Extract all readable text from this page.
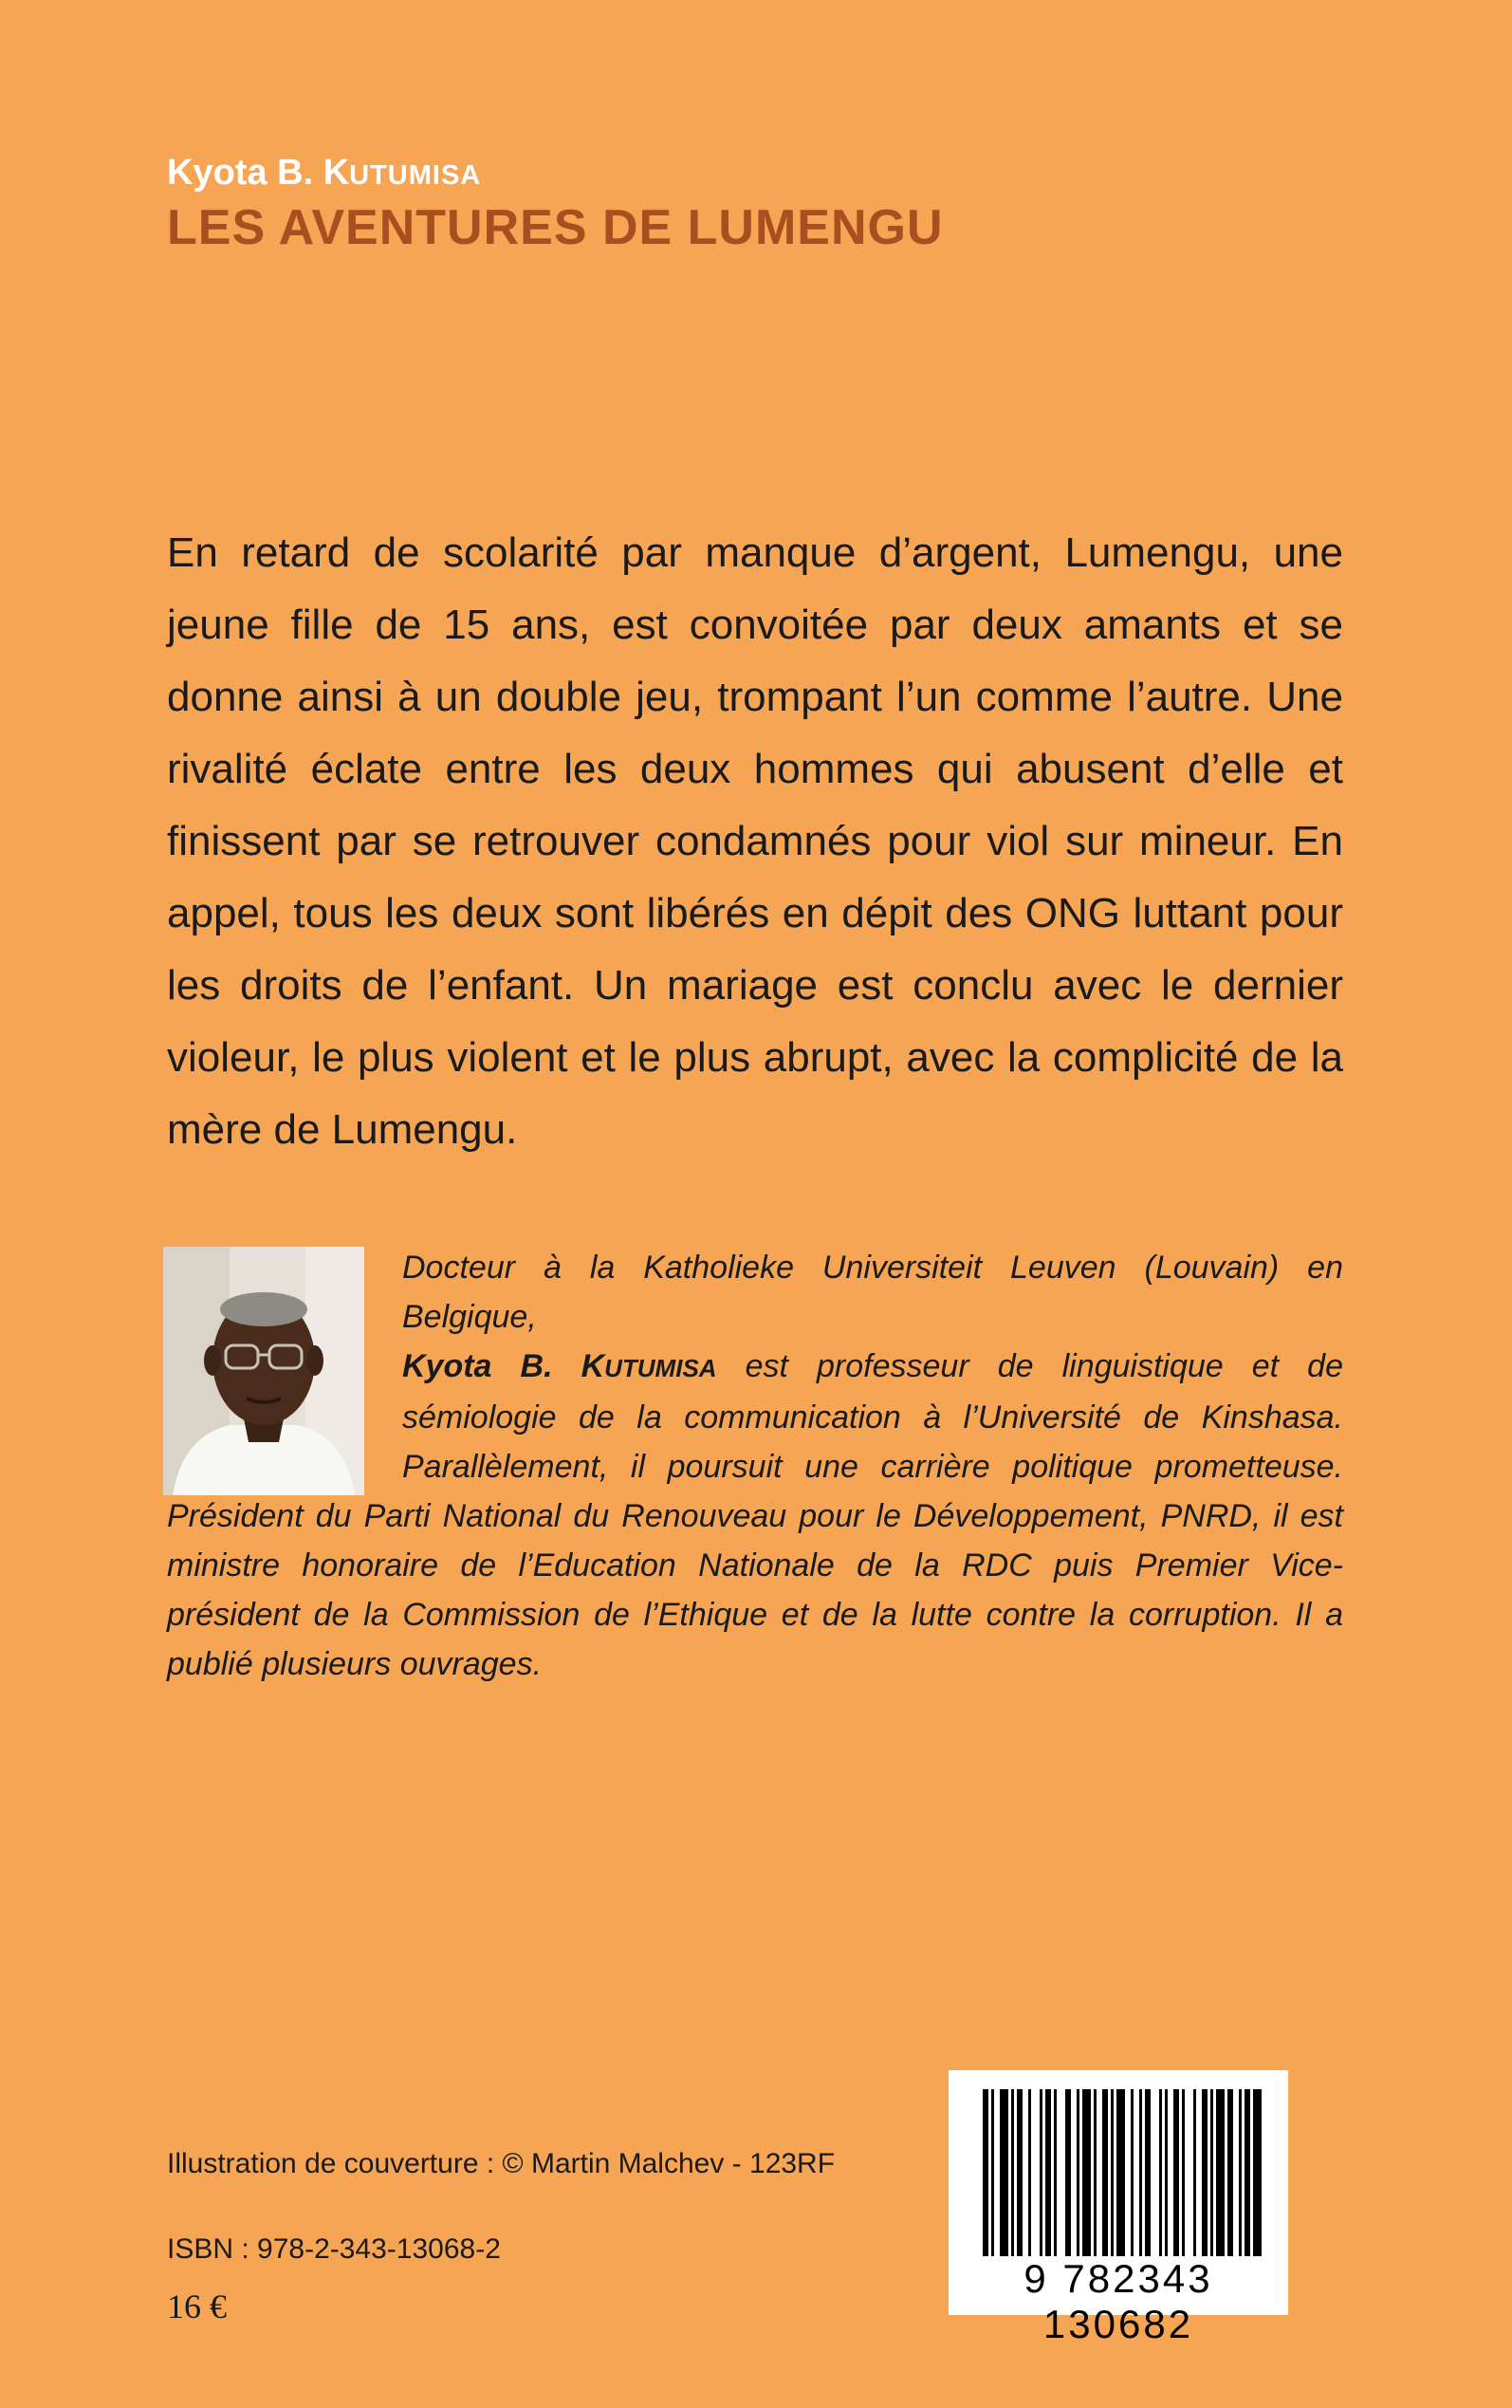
Kyota B. KUTUMISA
LES AVENTURES DE LUMENGU

En retard de scolarité par manque d’argent, Lumengu, une jeune fille de 15 ans, est convoitée par deux amants et se donne ainsi à un double jeu, trompant l’un comme l’autre. Une rivalité éclate entre les deux hommes qui abusent d’elle et finissent par se retrouver condamnés pour viol sur mineur. En appel, tous les deux sont libérés en dépit des ONG luttant pour les droits de l’enfant. Un mariage est conclu avec le dernier violeur, le plus violent et le plus abrupt, avec la complicité de la mère de Lumengu.

Docteur à la Katholieke Universiteit Leuven (Louvain) en Belgique,
Kyota B. KUTUMISA est professeur de linguistique et de sémiologie de la communication à l’Université de Kinshasa. Parallèlement, il poursuit une carrière politique prometteuse. Président du Parti National du Renouveau pour le Développement, PNRD, il est ministre honoraire de l’Education Nationale de la RDC puis Premier Vice-président de la Commission de l’Ethique et de la lutte contre la corruption. Il a publié plusieurs ouvrages.

Illustration de couverture : © Martin Malchev - 123RF
ISBN : 978-2-343-13068-2
16 €
9 782343 130682
